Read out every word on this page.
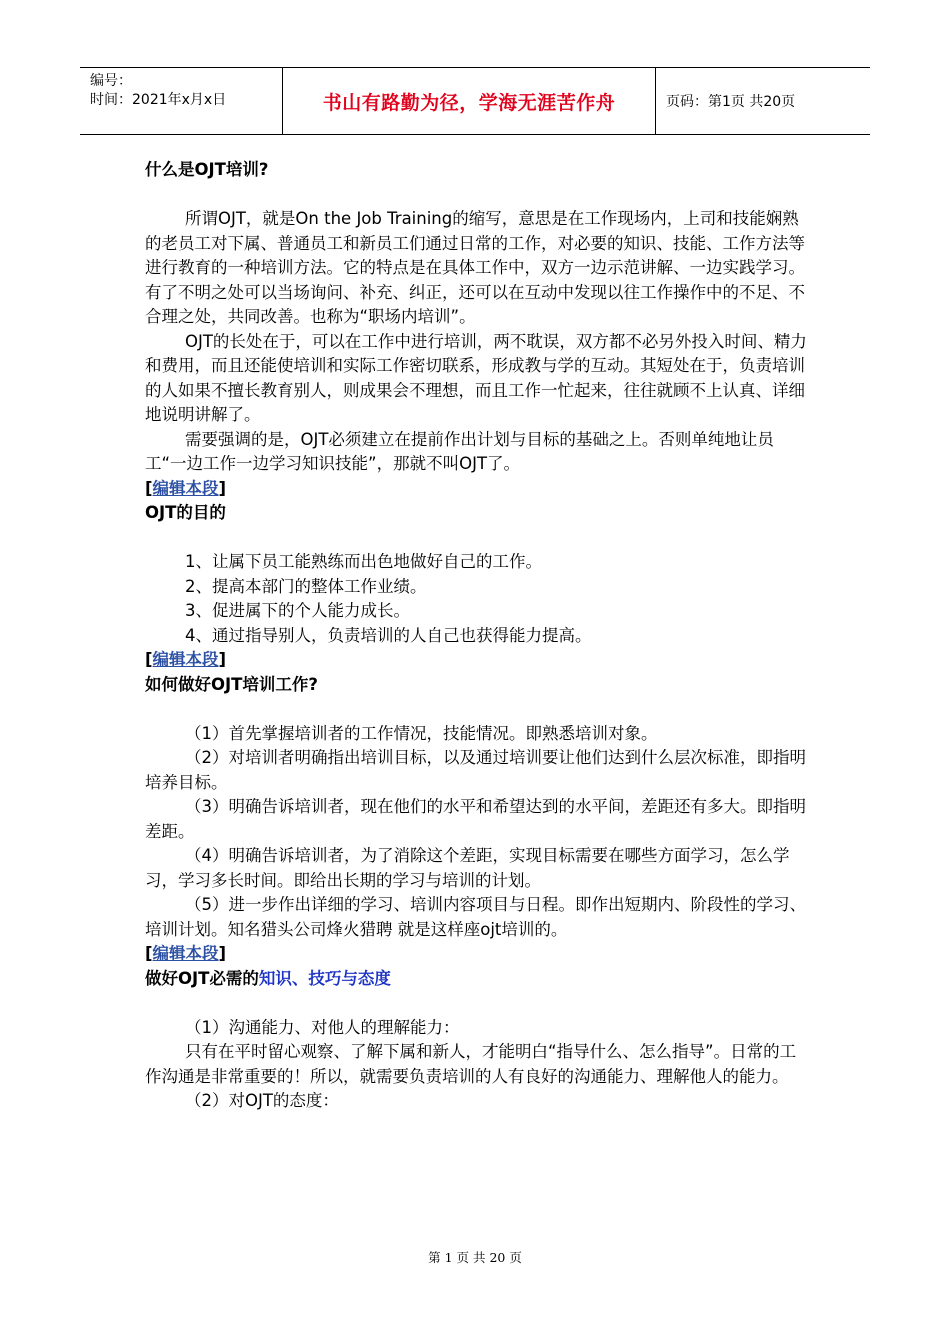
编号：
时间：2021年x月x日	书山有路勤为径，学海无涯苦作舟	页码：第1页 共20页

什么是OJT培训?

所谓OJT，就是On the Job Training的缩写，意思是在工作现场内，上司和技能娴熟的老员工对下属、普通员工和新员工们通过日常的工作，对必要的知识、技能、工作方法等进行教育的一种培训方法。它的特点是在具体工作中，双方一边示范讲解、一边实践学习。有了不明之处可以当场询问、补充、纠正，还可以在互动中发现以往工作操作中的不足、不合理之处，共同改善。也称为“职场内培训”。

OJT的长处在于，可以在工作中进行培训，两不耽误，双方都不必另外投入时间、精力和费用，而且还能使培训和实际工作密切联系，形成教与学的互动。其短处在于，负责培训的人如果不擅长教育别人，则成果会不理想，而且工作一忙起来，往往就顾不上认真、详细地说明讲解了。

需要强调的是，OJT必须建立在提前作出计划与目标的基础之上。否则单纯地让员工“一边工作一边学习知识技能”，那就不叫OJT了。

[编辑本段]

OJT的目的

1、让属下员工能熟练而出色地做好自己的工作。

2、提高本部门的整体工作业绩。

3、促进属下的个人能力成长。

4、通过指导别人，负责培训的人自己也获得能力提高。

[编辑本段]

如何做好OJT培训工作?

（1）首先掌握培训者的工作情况，技能情况。即熟悉培训对象。

（2）对培训者明确指出培训目标，以及通过培训要让他们达到什么层次标准，即指明培养目标。

（3）明确告诉培训者，现在他们的水平和希望达到的水平间，差距还有多大。即指明差距。

（4）明确告诉培训者，为了消除这个差距，实现目标需要在哪些方面学习，怎么学习，学习多长时间。即给出长期的学习与培训的计划。

（5）进一步作出详细的学习、培训内容项目与日程。即作出短期内、阶段性的学习、培训计划。知名猎头公司烽火猎聘 就是这样座ojt培训的。

[编辑本段]

做好OJT必需的知识、技巧与态度

（1）沟通能力、对他人的理解能力：

只有在平时留心观察、了解下属和新人，才能明白“指导什么、怎么指导”。日常的工作沟通是非常重要的！所以，就需要负责培训的人有良好的沟通能力、理解他人的能力。

（2）对OJT的态度：

第 1 页 共 20 页
